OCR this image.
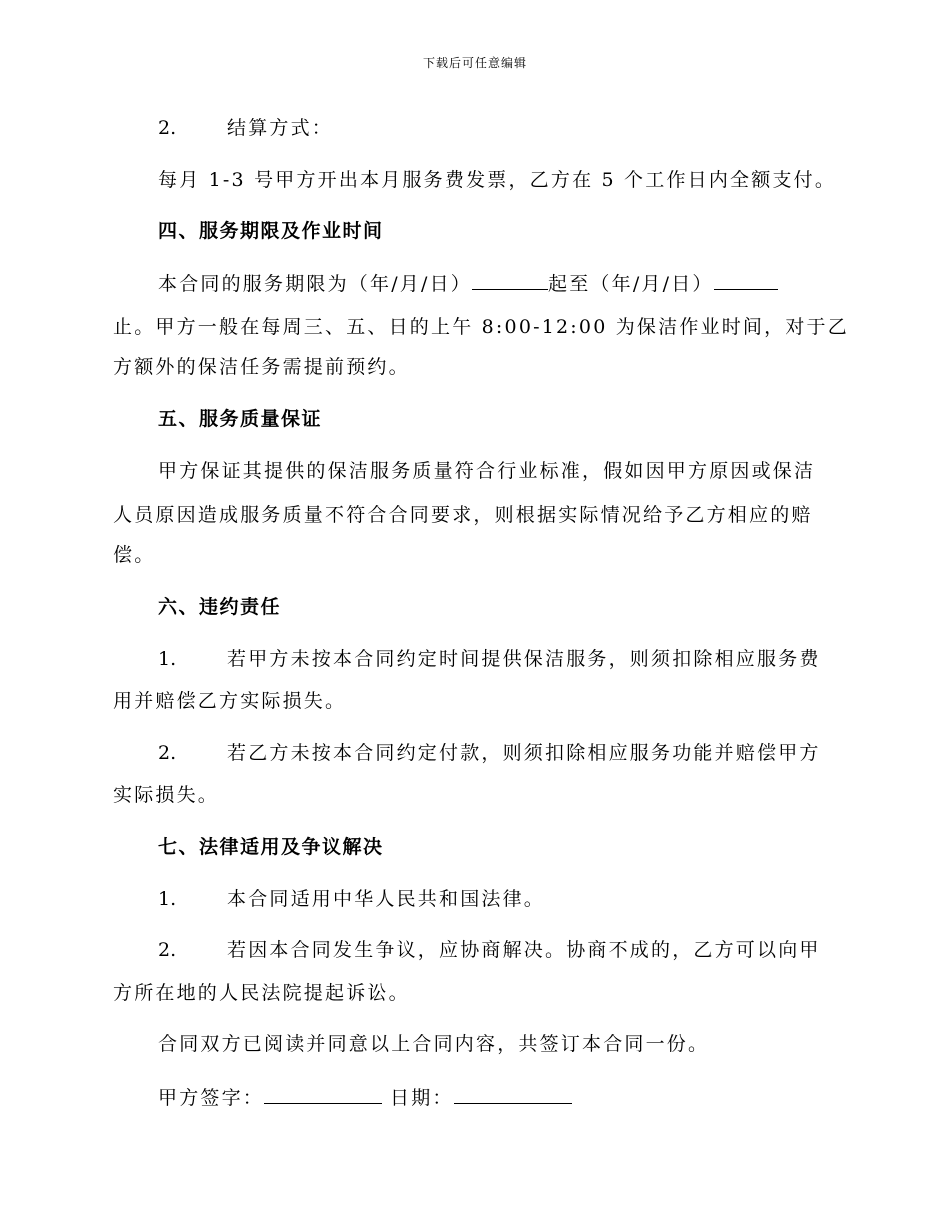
下载后可任意编辑
2.	结算方式：
每月 1-3 号甲方开出本月服务费发票，乙方在 5 个工作日内全额支付。
四、服务期限及作业时间
本合同的服务期限为（年/月/日）	起至（年/月/日）
止。甲方一般在每周三、五、日的上午 8:00-12:00 为保洁作业时间，对于乙
方额外的保洁任务需提前预约。
五、服务质量保证
甲方保证其提供的保洁服务质量符合行业标准，假如因甲方原因或保洁
人员原因造成服务质量不符合合同要求，则根据实际情况给予乙方相应的赔
偿。
六、违约责任
1.	若甲方未按本合同约定时间提供保洁服务，则须扣除相应服务费
用并赔偿乙方实际损失。
2.	若乙方未按本合同约定付款，则须扣除相应服务功能并赔偿甲方
实际损失。
七、法律适用及争议解决
1.	本合同适用中华人民共和国法律。
2.	若因本合同发生争议，应协商解决。协商不成的，乙方可以向甲
方所在地的人民法院提起诉讼。
合同双方已阅读并同意以上合同内容，共签订本合同一份。
甲方签字：	日期：
